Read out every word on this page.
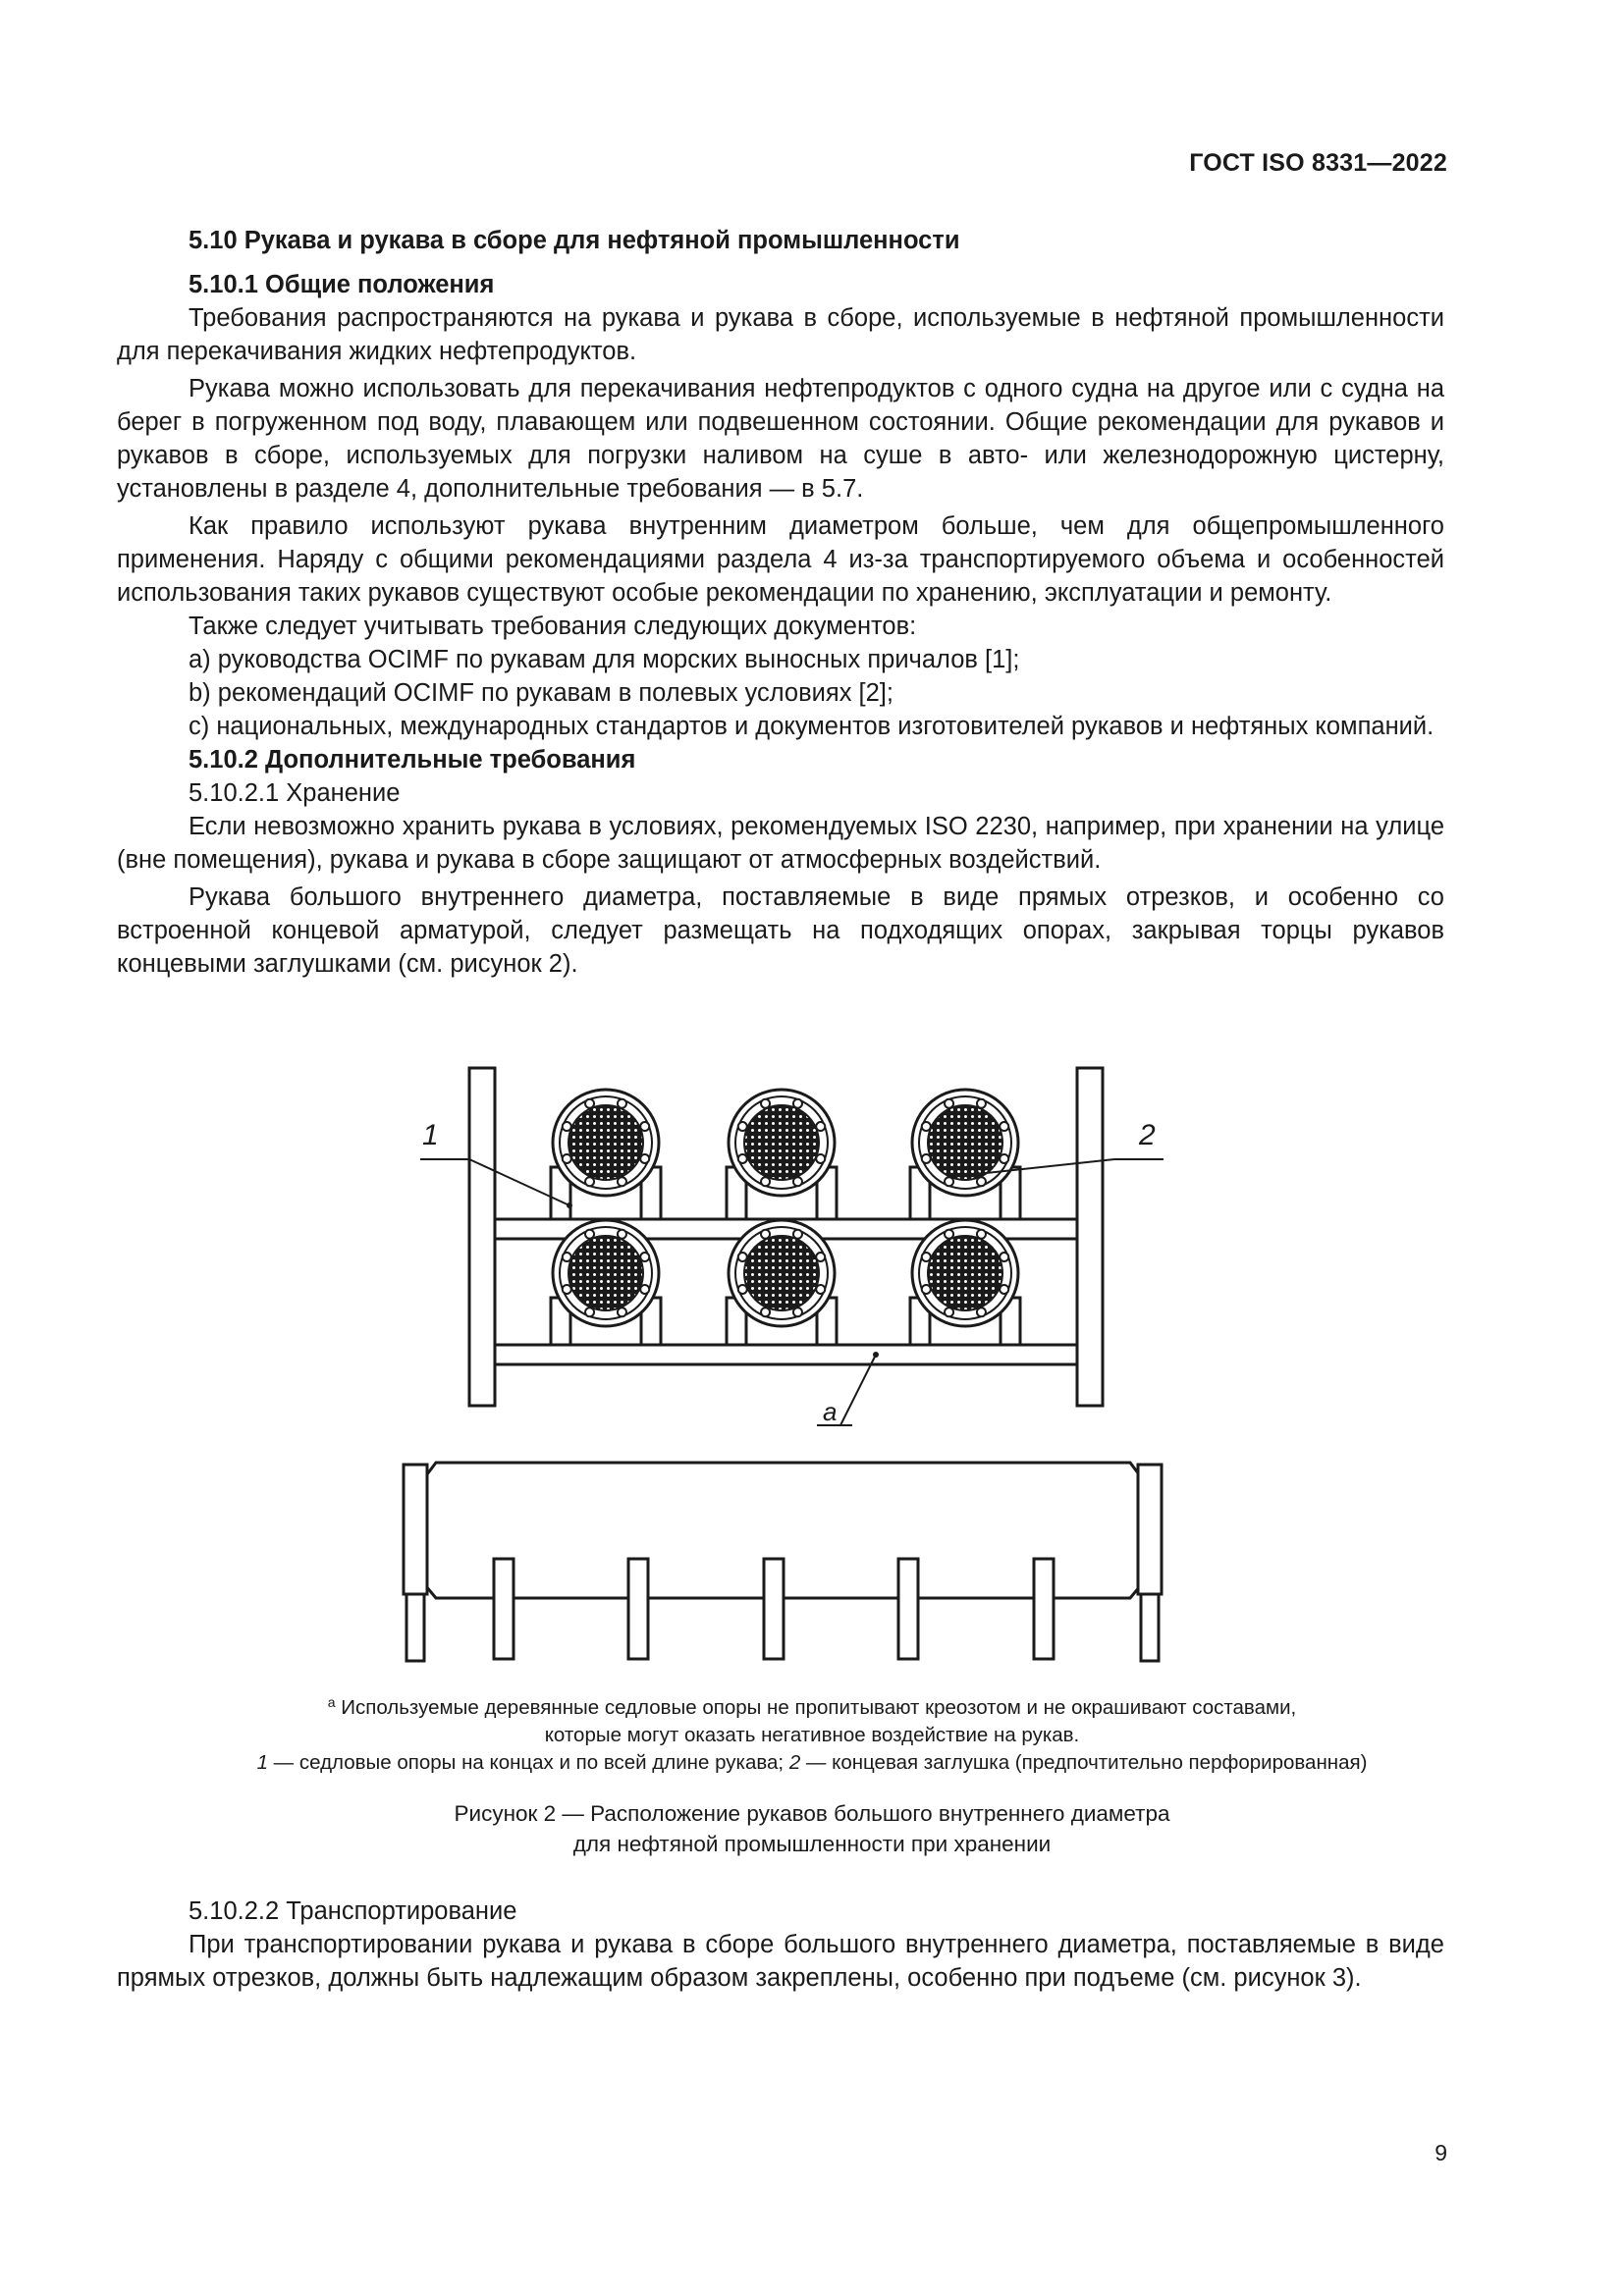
ГОСТ ISO 8331—2022
5.10 Рукава и рукава в сборе для нефтяной промышленности
5.10.1 Общие положения
Требования распространяются на рукава и рукава в сборе, используемые в нефтяной промышленности для перекачивания жидких нефтепродуктов.
Рукава можно использовать для перекачивания нефтепродуктов с одного судна на другое или с судна на берег в погруженном под воду, плавающем или подвешенном состоянии. Общие рекомендации для рукавов и рукавов в сборе, используемых для погрузки наливом на суше в авто- или железнодорожную цистерну, установлены в разделе 4, дополнительные требования — в 5.7.
Как правило используют рукава внутренним диаметром больше, чем для общепромышленного применения. Наряду с общими рекомендациями раздела 4 из-за транспортируемого объема и особенностей использования таких рукавов существуют особые рекомендации по хранению, эксплуатации и ремонту.
Также следует учитывать требования следующих документов:
a) руководства OCIMF по рукавам для морских выносных причалов [1];
b) рекомендаций OCIMF по рукавам в полевых условиях [2];
c) национальных, международных стандартов и документов изготовителей рукавов и нефтяных компаний.
5.10.2 Дополнительные требования
5.10.2.1 Хранение
Если невозможно хранить рукава в условиях, рекомендуемых ISO 2230, например, при хранении на улице (вне помещения), рукава и рукава в сборе защищают от атмосферных воздействий.
Рукава большого внутреннего диаметра, поставляемые в виде прямых отрезков, и особенно со встроенной концевой арматурой, следует размещать на подходящих опорах, закрывая торцы рукавов концевыми заглушками (см. рисунок 2).
1	2
a
$^a$ Используемые деревянные седловые опоры не пропитывают креозотом и не окрашивают составами,
которые могут оказать негативное воздействие на рукав.
1 — седловые опоры на концах и по всей длине рукава; 2 — концевая заглушка (предпочтительно перфорированная)
Рисунок 2 — Расположение рукавов большого внутреннего диаметра
для нефтяной промышленности при хранении
5.10.2.2 Транспортирование
При транспортировании рукава и рукава в сборе большого внутреннего диаметра, поставляемые в виде прямых отрезков, должны быть надлежащим образом закреплены, особенно при подъеме (см. рисунок 3).
9
